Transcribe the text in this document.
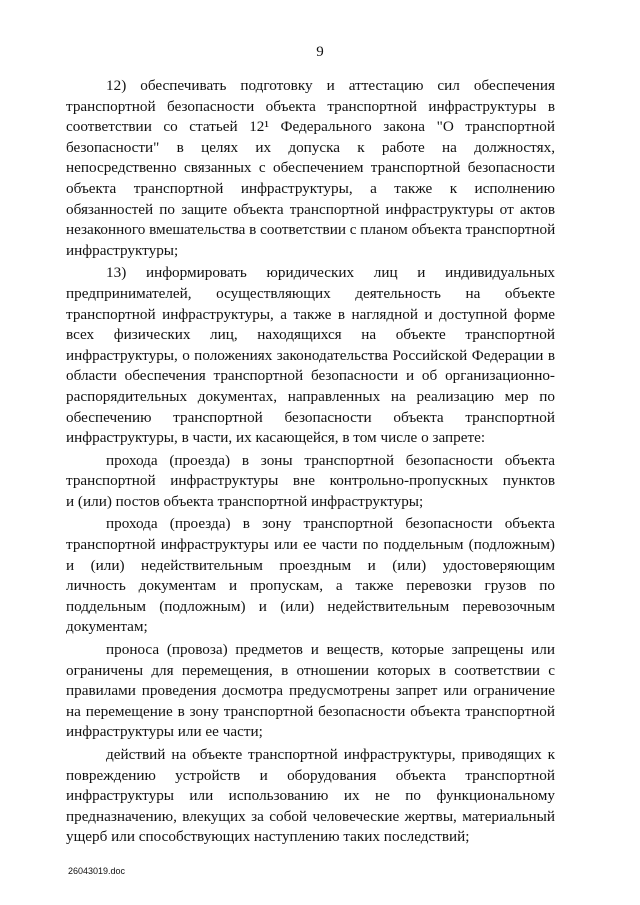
9
12) обеспечивать подготовку и аттестацию сил обеспечения
транспортной безопасности объекта транспортной инфраструктуры в
соответствии со статьей 12¹ Федерального закона "О транспортной
безопасности" в целях их допуска к работе на должностях,
непосредственно связанных с обеспечением транспортной безопасности
объекта транспортной инфраструктуры, а также к исполнению
обязанностей по защите объекта транспортной инфраструктуры от актов
незаконного вмешательства в соответствии с планом объекта транспортной
инфраструктуры;
13) информировать юридических лиц и индивидуальных
предпринимателей, осуществляющих деятельность на объекте
транспортной инфраструктуры, а также в наглядной и доступной форме
всех физических лиц, находящихся на объекте транспортной
инфраструктуры, о положениях законодательства Российской Федерации в
области обеспечения транспортной безопасности и об организационно-
распорядительных документах, направленных на реализацию мер по
обеспечению транспортной безопасности объекта транспортной
инфраструктуры, в части, их касающейся, в том числе о запрете:
прохода (проезда) в зоны транспортной безопасности объекта
транспортной инфраструктуры вне контрольно-пропускных пунктов
и (или) постов объекта транспортной инфраструктуры;
прохода (проезда) в зону транспортной безопасности объекта
транспортной инфраструктуры или ее части по поддельным (подложным)
и (или) недействительным проездным и (или) удостоверяющим
личность документам и пропускам, а также перевозки грузов по
поддельным (подложным) и (или) недействительным перевозочным
документам;
проноса (провоза) предметов и веществ, которые запрещены или
ограничены для перемещения, в отношении которых в соответствии с
правилами проведения досмотра предусмотрены запрет или ограничение
на перемещение в зону транспортной безопасности объекта транспортной
инфраструктуры или ее части;
действий на объекте транспортной инфраструктуры, приводящих к
повреждению устройств и оборудования объекта транспортной
инфраструктуры или использованию их не по функциональному
предназначению, влекущих за собой человеческие жертвы, материальный
ущерб или способствующих наступлению таких последствий;
26043019.doc
